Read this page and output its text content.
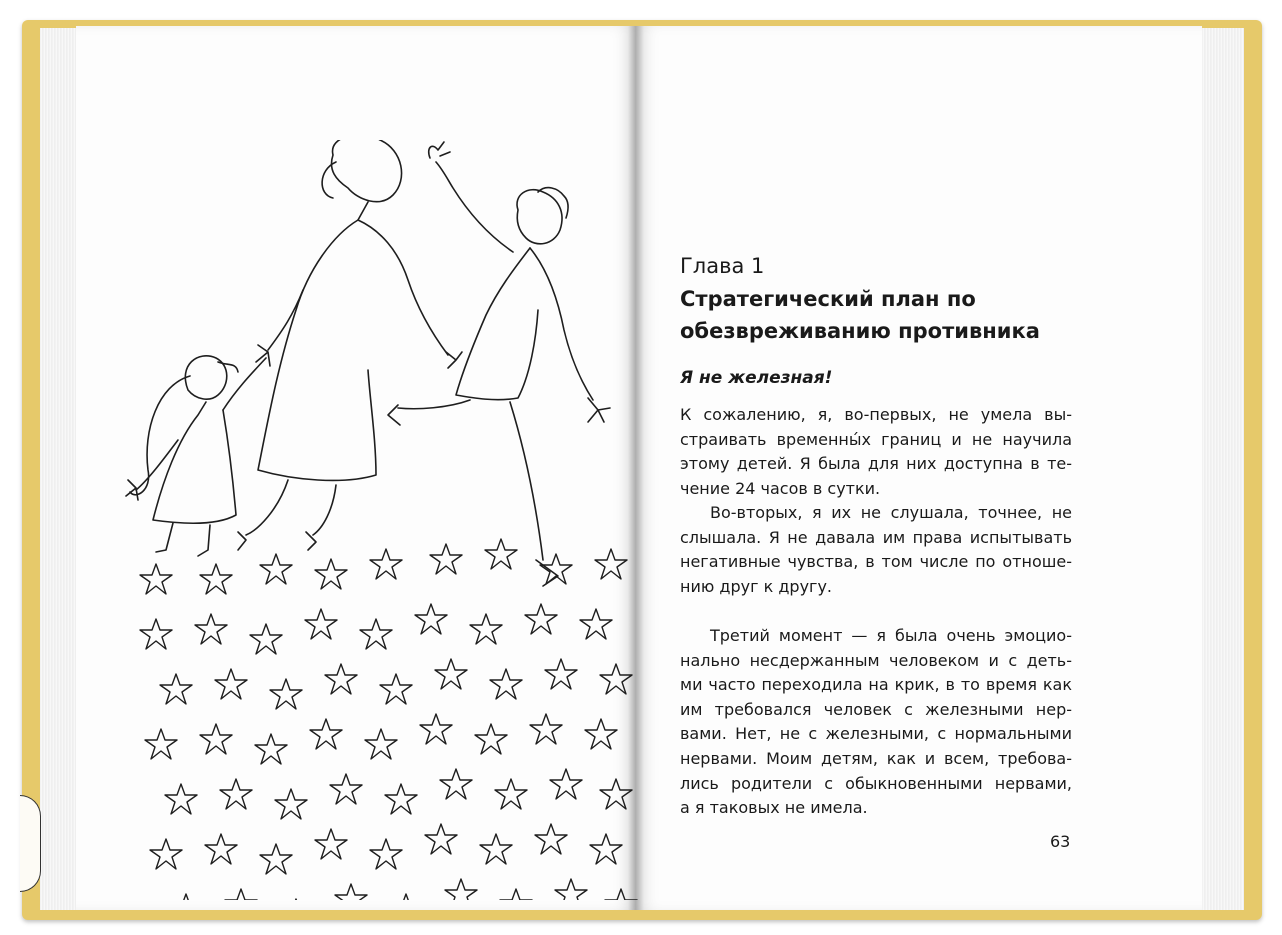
Глава 1
Стратегический план по обезвреживанию противника
Я не железная!

К сожалению, я, во-первых, не умела вы-
страивать временны́х границ и не научила
этому детей. Я была для них доступна в те-
чение 24 часов в сутки.

Во-вторых, я их не слушала, точнее, не
слышала. Я не давала им права испытывать
негативные чувства, в том числе по отноше-
нию друг к другу.

Третий момент — я была очень эмоцио-
нально несдержанным человеком и с деть-
ми часто переходила на крик, в то время как
им требовался человек с железными нер-
вами. Нет, не с железными, с нормальными
нервами. Моим детям, как и всем, требова-
лись родители с обыкновенными нервами,
а я таковых не имела.

63
